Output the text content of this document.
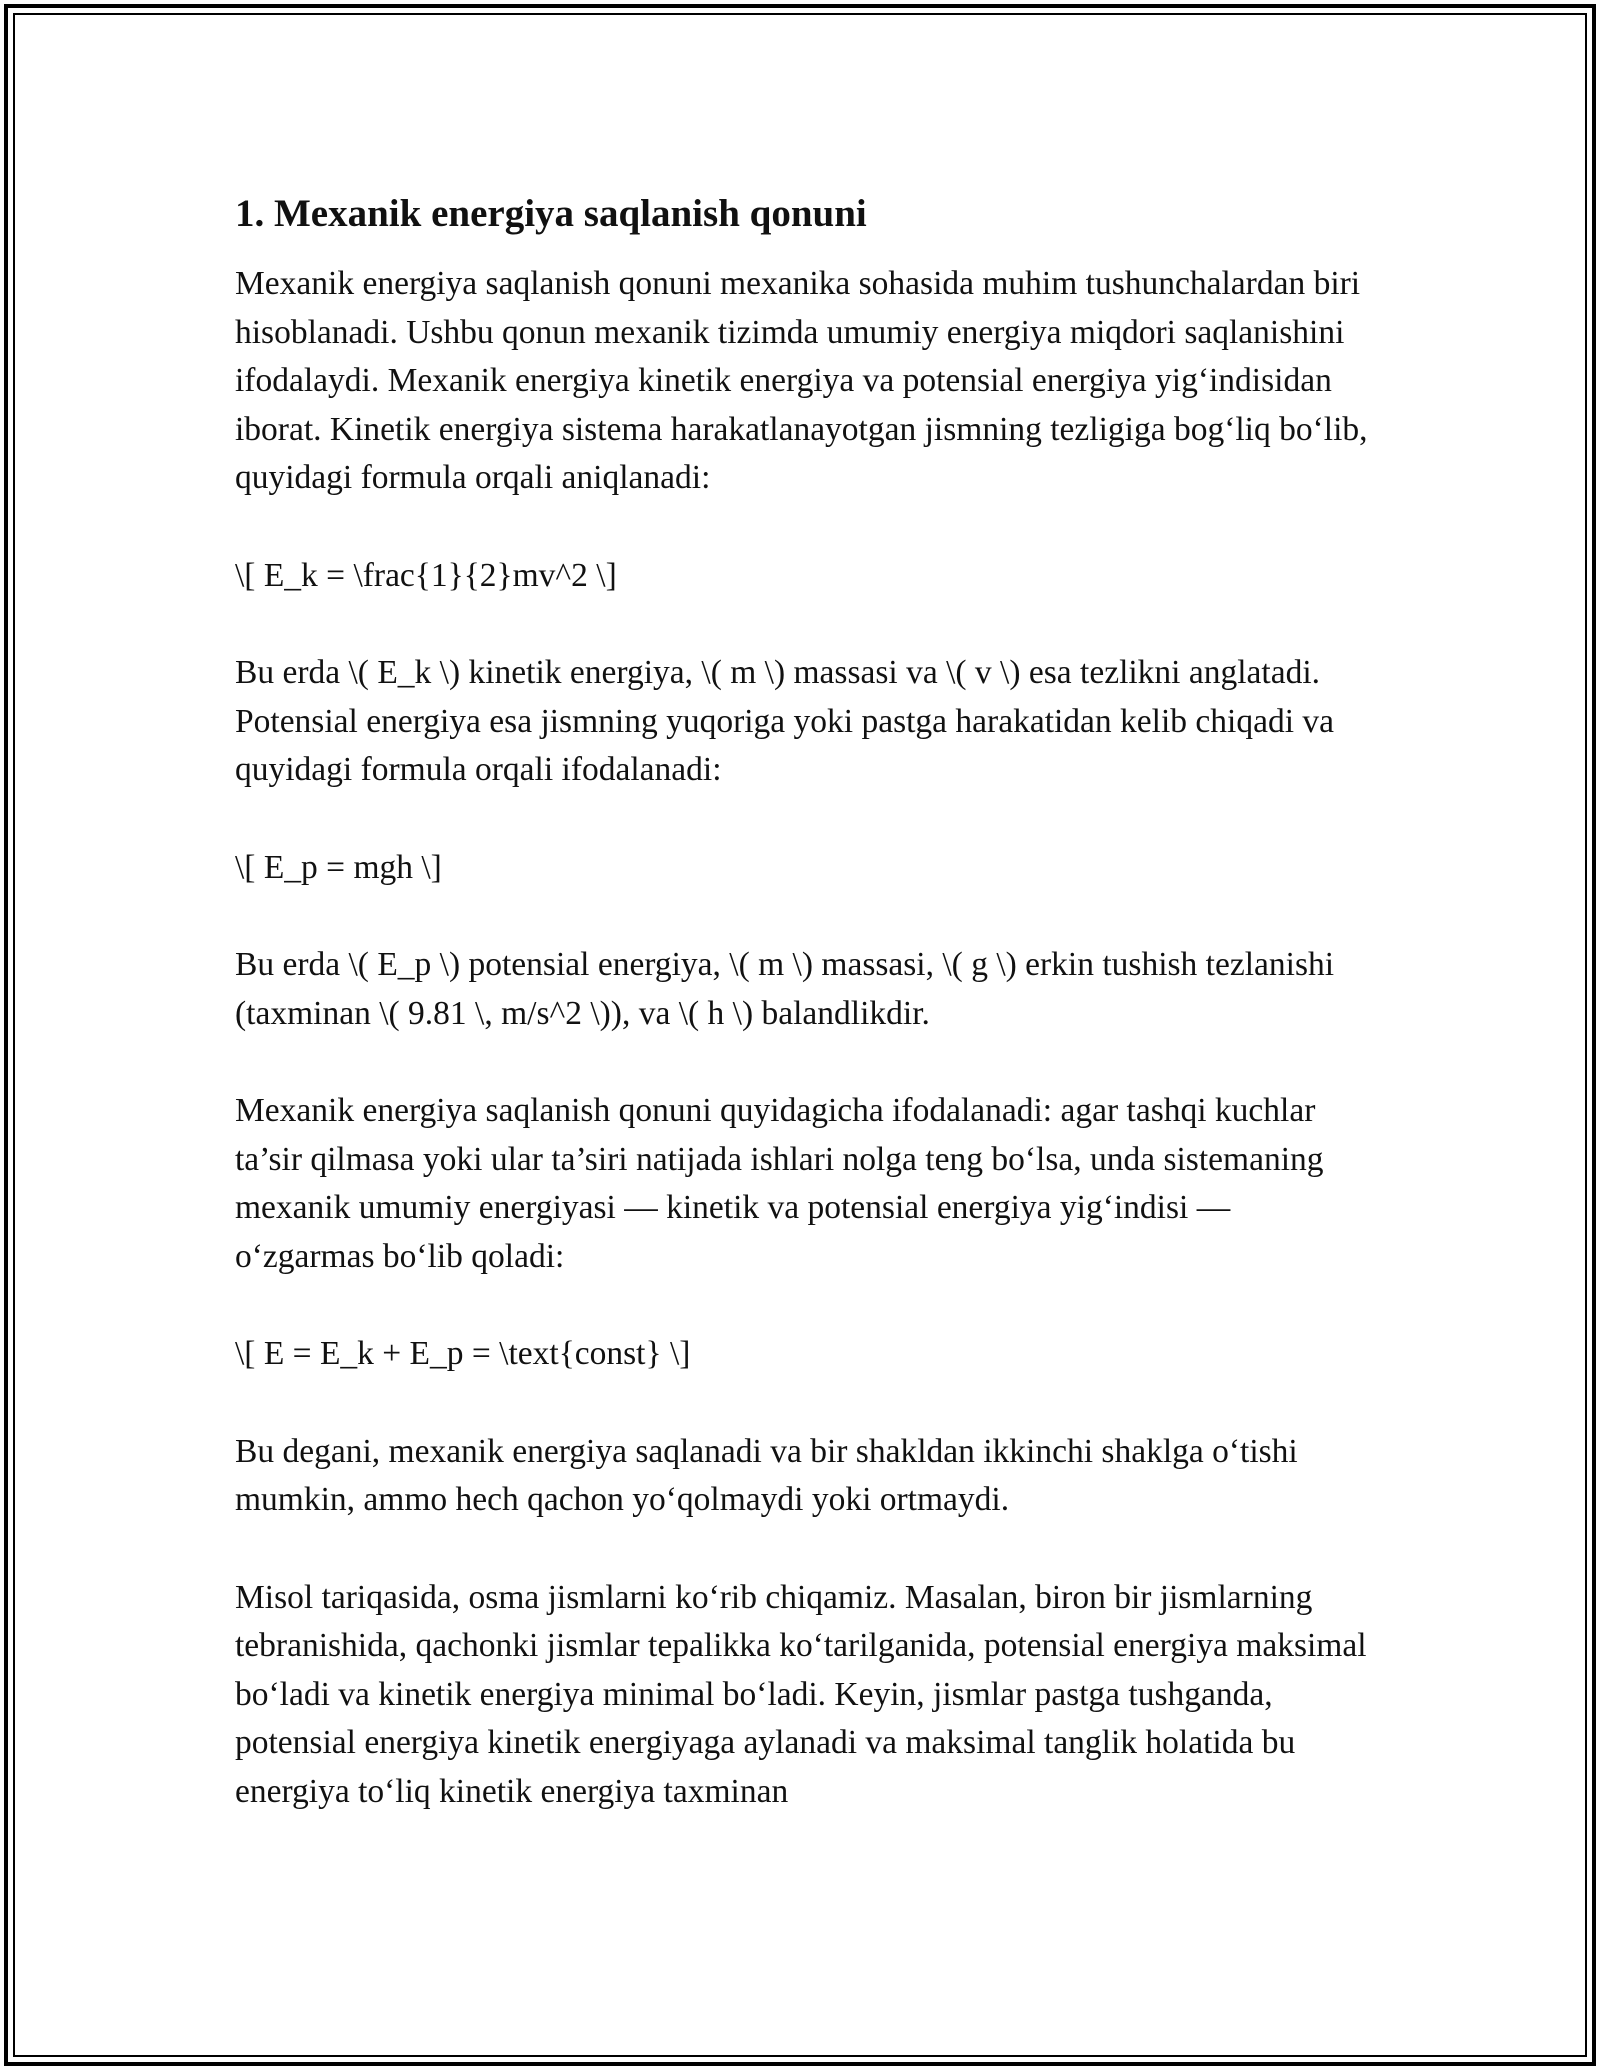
1. Mexanik energiya saqlanish qonuni

Mexanik energiya saqlanish qonuni mexanika sohasida muhim tushunchalardan biri hisoblanadi. Ushbu qonun mexanik tizimda umumiy energiya miqdori saqlanishini ifodalaydi. Mexanik energiya kinetik energiya va potensial energiya yig‘indisidan iborat. Kinetik energiya sistema harakatlanayotgan jismning tezligiga bog‘liq bo‘lib, quyidagi formula orqali aniqlanadi:

\[ E_k = \frac{1}{2}mv^2 \]

Bu erda \( E_k \) kinetik energiya, \( m \) massasi va \( v \) esa tezlikni anglatadi. Potensial energiya esa jismning yuqoriga yoki pastga harakatidan kelib chiqadi va quyidagi formula orqali ifodalanadi:

\[ E_p = mgh \]

Bu erda \( E_p \) potensial energiya, \( m \) massasi, \( g \) erkin tushish tezlanishi (taxminan \( 9.81 \, m/s^2 \)), va \( h \) balandlikdir.

Mexanik energiya saqlanish qonuni quyidagicha ifodalanadi: agar tashqi kuchlar ta’sir qilmasa yoki ular ta’siri natijada ishlari nolga teng bo‘lsa, unda sistemaning mexanik umumiy energiyasi — kinetik va potensial energiya yig‘indisi — o‘zgarmas bo‘lib qoladi:

\[ E = E_k + E_p = \text{const} \]

Bu degani, mexanik energiya saqlanadi va bir shakldan ikkinchi shaklga o‘tishi mumkin, ammo hech qachon yo‘qolmaydi yoki ortmaydi.

Misol tariqasida, osma jismlarni ko‘rib chiqamiz. Masalan, biron bir jismlarning tebranishida, qachonki jismlar tepalikka ko‘tarilganida, potensial energiya maksimal bo‘ladi va kinetik energiya minimal bo‘ladi. Keyin, jismlar pastga tushganda, potensial energiya kinetik energiyaga aylanadi va maksimal tanglik holatida bu energiya to‘liq kinetik energiya taxminan
